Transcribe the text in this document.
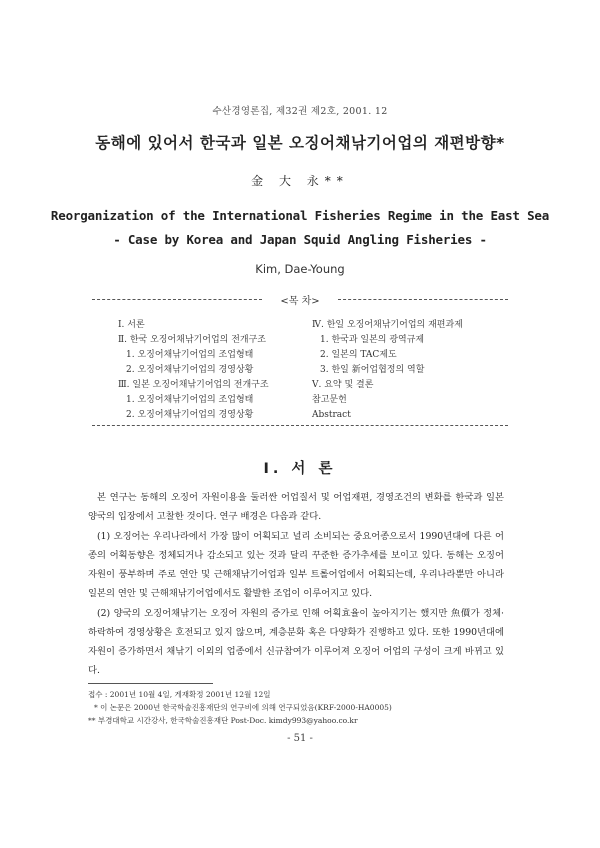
수산경영론집, 제32권 제2호, 2001. 12
동해에 있어서 한국과 일본 오징어채낚기어업의 재편방향*
金 大 永**
Reorganization of the International Fisheries Regime in the East Sea
- Case by Korea and Japan Squid Angling Fisheries -
Kim, Dae-Young
<목 차>
Ⅰ. 서론
Ⅱ. 한국 오징어채낚기어업의 전개구조
1. 오징어채낚기어업의 조업형태
2. 오징어채낚기어업의 경영상황
Ⅲ. 일본 오징어채낚기어업의 전개구조
1. 오징어채낚기어업의 조업형태
2. 오징어채낚기어업의 경영상황
Ⅳ. 한일 오징어채낚기어업의 재편과제
1. 한국과 일본의 광역규제
2. 일본의 TAC제도
3. 한일 新어업협정의 역할
Ⅴ. 요약 및 결론
참고문헌
Abstract
Ⅰ. 서 론

본 연구는 동해의 오징어 자원이용을 둘러싼 어업질서 및 어업재편, 경영조건의 변화를 한국과 일본 양국의 입장에서 고찰한 것이다. 연구 배경은 다음과 같다.

(1) 오징어는 우리나라에서 가장 많이 어획되고 널리 소비되는 중요어종으로서 1990년대에 다른 어종의 어획동향은 정체되거나 감소되고 있는 것과 달리 꾸준한 증가추세를 보이고 있다. 동해는 오징어 자원이 풍부하며 주로 연안 및 근해채낚기어업과 일부 트롤어업에서 어획되는데, 우리나라뿐만 아니라 일본의 연안 및 근해채낚기어업에서도 활발한 조업이 이루어지고 있다.

(2) 양국의 오징어채낚기는 오징어 자원의 증가로 인해 어획효율이 높아지기는 했지만 魚價가 정체·하락하여 경영상황은 호전되고 있지 않으며, 계층분화 혹은 다양화가 진행하고 있다. 또한 1990년대에 자원이 증가하면서 채낚기 이외의 업종에서 신규참여가 이루어져 오징어 어업의 구성이 크게 바뀌고 있다.

접수 : 2001년 10월 4일, 게재확정 2001년 12월 12일
* 이 논문은 2000년 한국학술진흥재단의 연구비에 의해 연구되었음(KRF-2000-HA0005)
** 부경대학교 시간강사, 한국학술진흥재단 Post-Doc. kimdy993@yahoo.co.kr
- 51 -
